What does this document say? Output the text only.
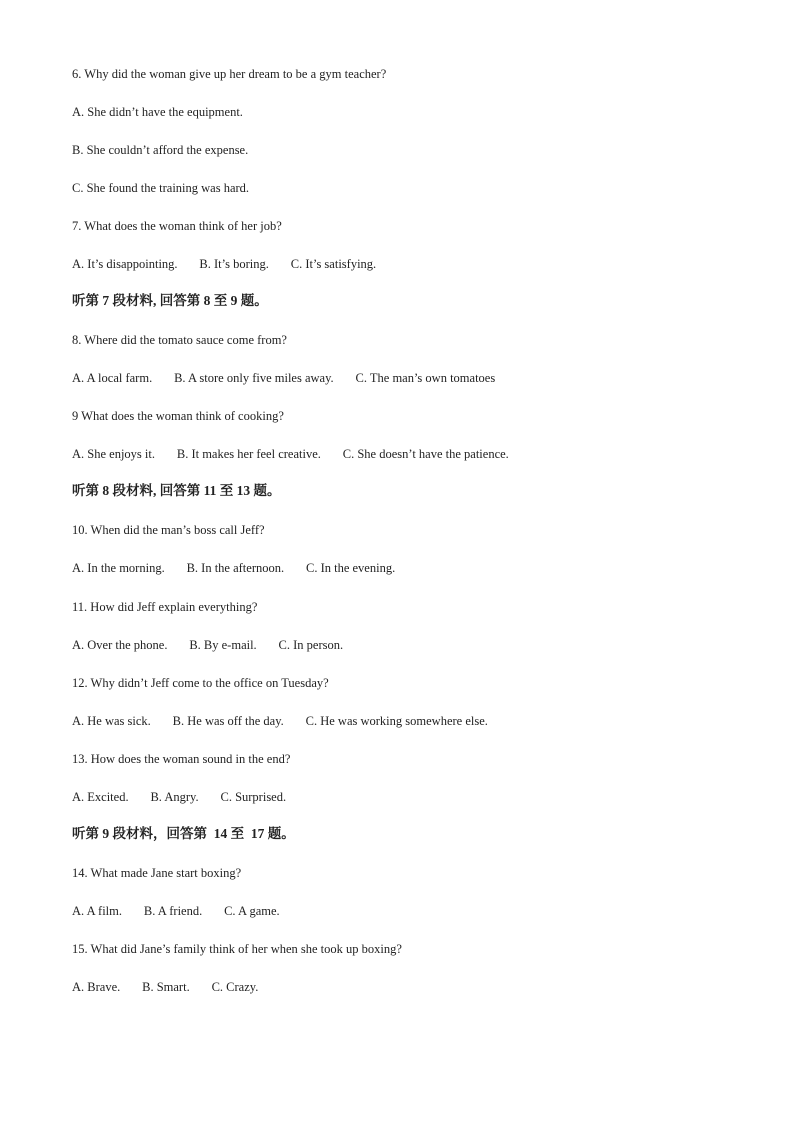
6. Why did the woman give up her dream to be a gym teacher?
A. She didn’t have the equipment.
B. She couldn’t afford the expense.
C. She found the training was hard.
7. What does the woman think of her job?
A. It’s disappointing.       B. It’s boring.       C. It’s satisfying.
听第 7 段材料, 回答第 8 至 9 题。
8. Where did the tomato sauce come from?
A. A local farm.       B. A store only five miles away.       C. The man’s own tomatoes
9 What does the woman think of cooking?
A. She enjoys it.       B. It makes her feel creative.       C. She doesn’t have the patience.
听第 8 段材料, 回答第 11 至 13 题。
10. When did the man’s boss call Jeff?
A. In the morning.       B. In the afternoon.       C. In the evening.
11. How did Jeff explain everything?
A. Over the phone.       B. By e-mail.       C. In person.
12. Why didn’t Jeff come to the office on Tuesday?
A. He was sick.       B. He was off the day.       C. He was working somewhere else.
13. How does the woman sound in the end?
A. Excited.       B. Angry.       C. Surprised.
听第 9 段材料，回答第  14 至  17 题。
14. What made Jane start boxing?
A. A film.       B. A friend.       C. A game.
15. What did Jane’s family think of her when she took up boxing?
A. Brave.       B. Smart.       C. Crazy.
